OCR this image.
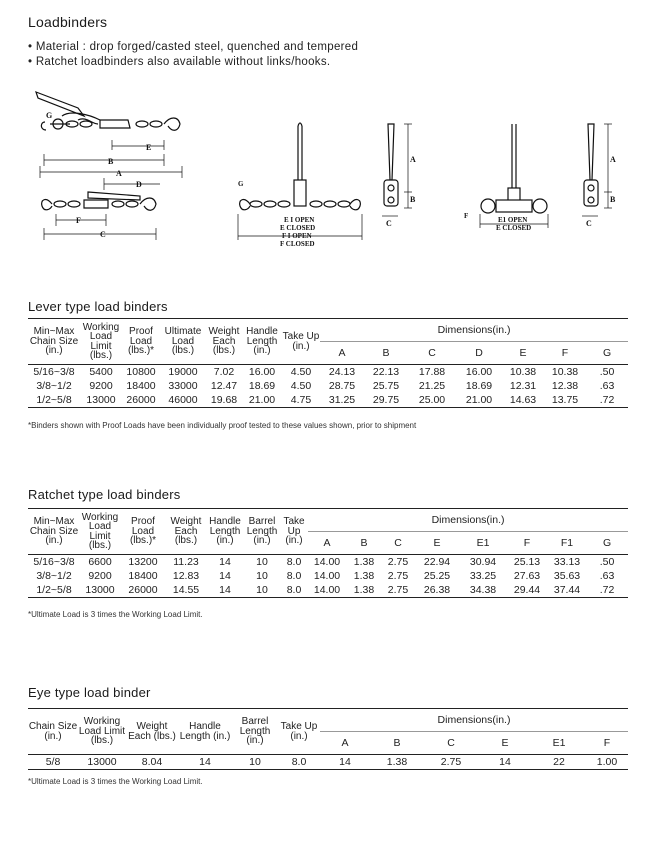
Loadbinders
• Material : drop forged/casted steel, quenched and tempered
• Ratchet loadbinders also available without links/hooks.
G
E
B
A
D
F
C
G
E I OPEN
E CLOSED
F I OPEN
F CLOSED
A
B
C
F	E1 OPEN
E CLOSED
A
B
C
Lever type load binders
Min~Max Chain Size (in.)	Working Load Limit (lbs.)	Proof Load (lbs.)*	Ultimate Load (lbs.)	Weight Each (lbs.)	Handle Length (in.)	Take Up (in.)	Dimensions(in.)						
							A	B	C	D	E	F	G
5/16~3/8	5400	10800	19000	7.02	16.00	4.50	24.13	22.13	17.88	16.00	10.38	10.38	.50
3/8~1/2	9200	18400	33000	12.47	18.69	4.50	28.75	25.75	21.25	18.69	12.31	12.38	.63
1/2~5/8	13000	26000	46000	19.68	21.00	4.75	31.25	29.75	25.00	21.00	14.63	13.75	.72
*Binders shown with Proof Loads have been individually proof tested to these values shown, prior to shipment
Ratchet type load binders
Min~Max Chain Size (in.)	Working Load Limit (lbs.)	Proof Load (lbs.)*	Weight Each (lbs.)	Handle Length (in.)	Barrel Length (in.)	Take Up (in.)	Dimensions(in.)							
							A	B	C	E	E1	F	F1	G
5/16~3/8	6600	13200	11.23	14	10	8.0	14.00	1.38	2.75	22.94	30.94	25.13	33.13	.50
3/8~1/2	9200	18400	12.83	14	10	8.0	14.00	1.38	2.75	25.25	33.25	27.63	35.63	.63
1/2~5/8	13000	26000	14.55	14	10	8.0	14.00	1.38	2.75	26.38	34.38	29.44	37.44	.72
*Ultimate Load is 3 times the Working Load Limit.
Eye type load binder
Chain Size (in.)	Working Load Limit (lbs.)	Weight Each (lbs.)	Handle Length (in.)	Barrel Length (in.)	Take Up (in.)	Dimensions(in.)					
						A	B	C	E	E1	F
5/8	13000	8.04	14	10	8.0	14	1.38	2.75	14	22	1.00
*Ultimate Load is 3 times the Working Load Limit.
